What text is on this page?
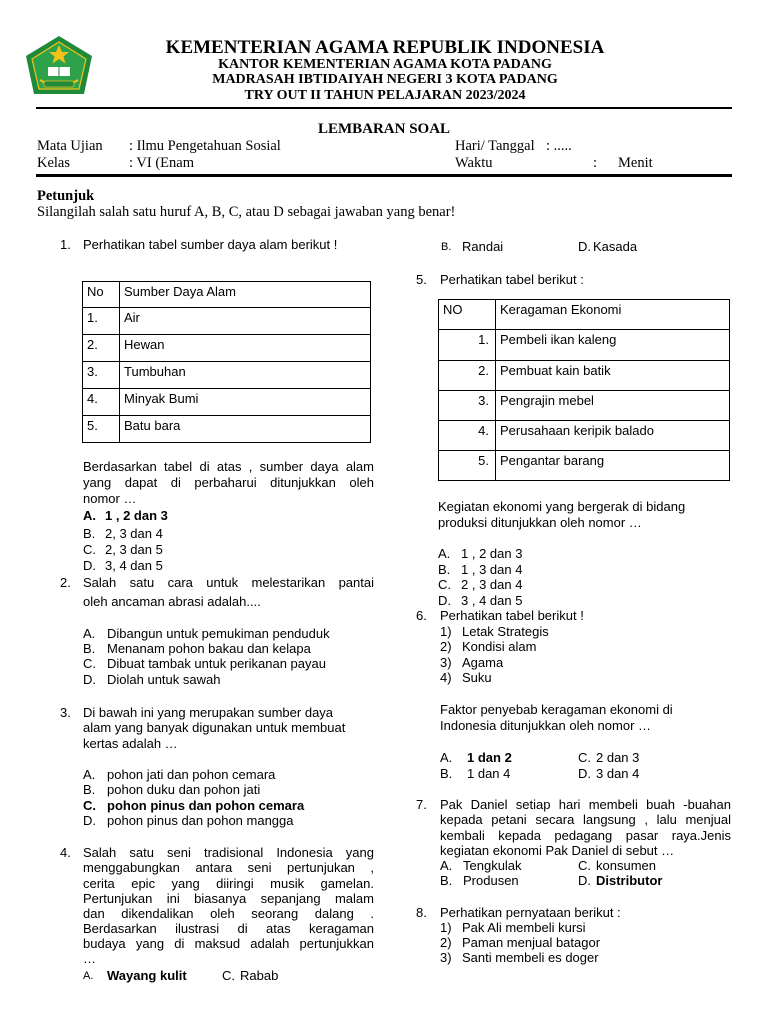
KEMENTERIAN AGAMA REPUBLIK INDONESIA
KANTOR KEMENTERIAN AGAMA KOTA PADANG
MADRASAH IBTIDAIYAH NEGERI 3 KOTA PADANG
TRY OUT II TAHUN PELAJARAN 2023/2024
LEMBARAN SOAL
Mata Ujian : Ilmu Pengetahuan Sosial	Hari/ Tanggal : .....
Kelas	: VI (Enam	Waktu	: Menit
Petunjuk
Silangilah salah satu huruf A, B, C, atau D sebagai jawaban yang benar!
1. Perhatikan tabel sumber daya alam berikut !
No	Sumber Daya Alam
1.	Air
2.	Hewan
3.	Tumbuhan
4.	Minyak Bumi
5.	Batu bara
Berdasarkan tabel di atas , sumber daya alam
yang dapat di perbaharui ditunjukkan oleh
nomor …
A. 1 , 2 dan 3
B. 2, 3 dan 4
C. 2, 3 dan 5
D. 3, 4 dan 5
2. Salah satu cara untuk melestarikan pantai
oleh ancaman abrasi adalah....
A. Dibangun untuk pemukiman penduduk
B. Menanam pohon bakau dan kelapa
C. Dibuat tambak untuk perikanan payau
D. Diolah untuk sawah
3. Di bawah ini yang merupakan sumber daya
alam yang banyak digunakan untuk membuat
kertas adalah …
A. pohon jati dan pohon cemara
B. pohon duku dan pohon jati
C. pohon pinus dan pohon cemara
D. pohon pinus dan pohon mangga
4. Salah satu seni tradisional Indonesia yang
menggabungkan antara seni pertunjukan ,
cerita epic yang diiringi musik gamelan.
Pertunjukan ini biasanya sepanjang malam
dan dikendalikan oleh seorang dalang .
Berdasarkan ilustrasi di atas keragaman
budaya yang di maksud adalah pertunjukkan
…
A. Wayang kulit	C. Rabab
B. Randai	D. Kasada
5. Perhatikan tabel berikut :
NO	Keragaman Ekonomi
1.	Pembeli ikan kaleng
2.	Pembuat kain batik
3.	Pengrajin mebel
4.	Perusahaan keripik balado
5.	Pengantar barang
Kegiatan ekonomi yang bergerak di bidang
produksi ditunjukkan oleh nomor …
A. 1 , 2 dan 3
B. 1 , 3 dan 4
C. 2 , 3 dan 4
D. 3 , 4 dan 5
6. Perhatikan tabel berikut !
1) Letak Strategis
2) Kondisi alam
3) Agama
4) Suku
Faktor penyebab keragaman ekonomi di
Indonesia ditunjukkan oleh nomor …
A. 1 dan 2	C. 2 dan 3
B. 1 dan 4	D. 3 dan 4
7. Pak Daniel setiap hari membeli buah -buahan
kepada petani secara langsung , lalu menjual
kembali kepada pedagang pasar raya.Jenis
kegiatan ekonomi Pak Daniel di sebut …
A. Tengkulak	C. konsumen
B. Produsen	D. Distributor
8. Perhatikan pernyataan berikut :
1) Pak Ali membeli kursi
2) Paman menjual batagor
3) Santi membeli es doger
